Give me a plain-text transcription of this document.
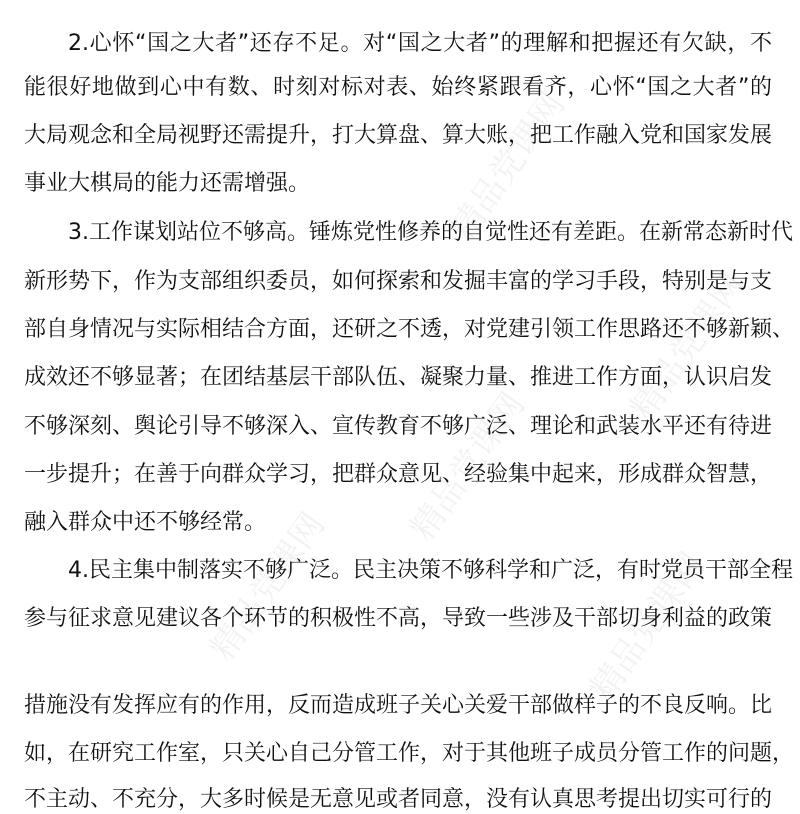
精品党课网
精品党课网
精品党课网
精品党课网
精品党课网
2.心怀“国之大者”还存不足。对“国之大者”的理解和把握还有欠缺，不
能很好地做到心中有数、时刻对标对表、始终紧跟看齐，心怀“国之大者”的
大局观念和全局视野还需提升，打大算盘、算大账，把工作融入党和国家发展
事业大棋局的能力还需增强。
3.工作谋划站位不够高。锤炼党性修养的自觉性还有差距。在新常态新时代
新形势下，作为支部组织委员，如何探索和发掘丰富的学习手段，特别是与支
部自身情况与实际相结合方面，还研之不透，对党建引领工作思路还不够新颖、
成效还不够显著；在团结基层干部队伍、凝聚力量、推进工作方面，认识启发
不够深刻、舆论引导不够深入、宣传教育不够广泛、理论和武装水平还有待进
一步提升；在善于向群众学习，把群众意见、经验集中起来，形成群众智慧，
融入群众中还不够经常。
4.民主集中制落实不够广泛。民主决策不够科学和广泛，有时党员干部全程
参与征求意见建议各个环节的积极性不高，导致一些涉及干部切身利益的政策
措施没有发挥应有的作用，反而造成班子关心关爱干部做样子的不良反响。比
如，在研究工作室，只关心自己分管工作，对于其他班子成员分管工作的问题，
不主动、不充分，大多时候是无意见或者同意，没有认真思考提出切实可行的
